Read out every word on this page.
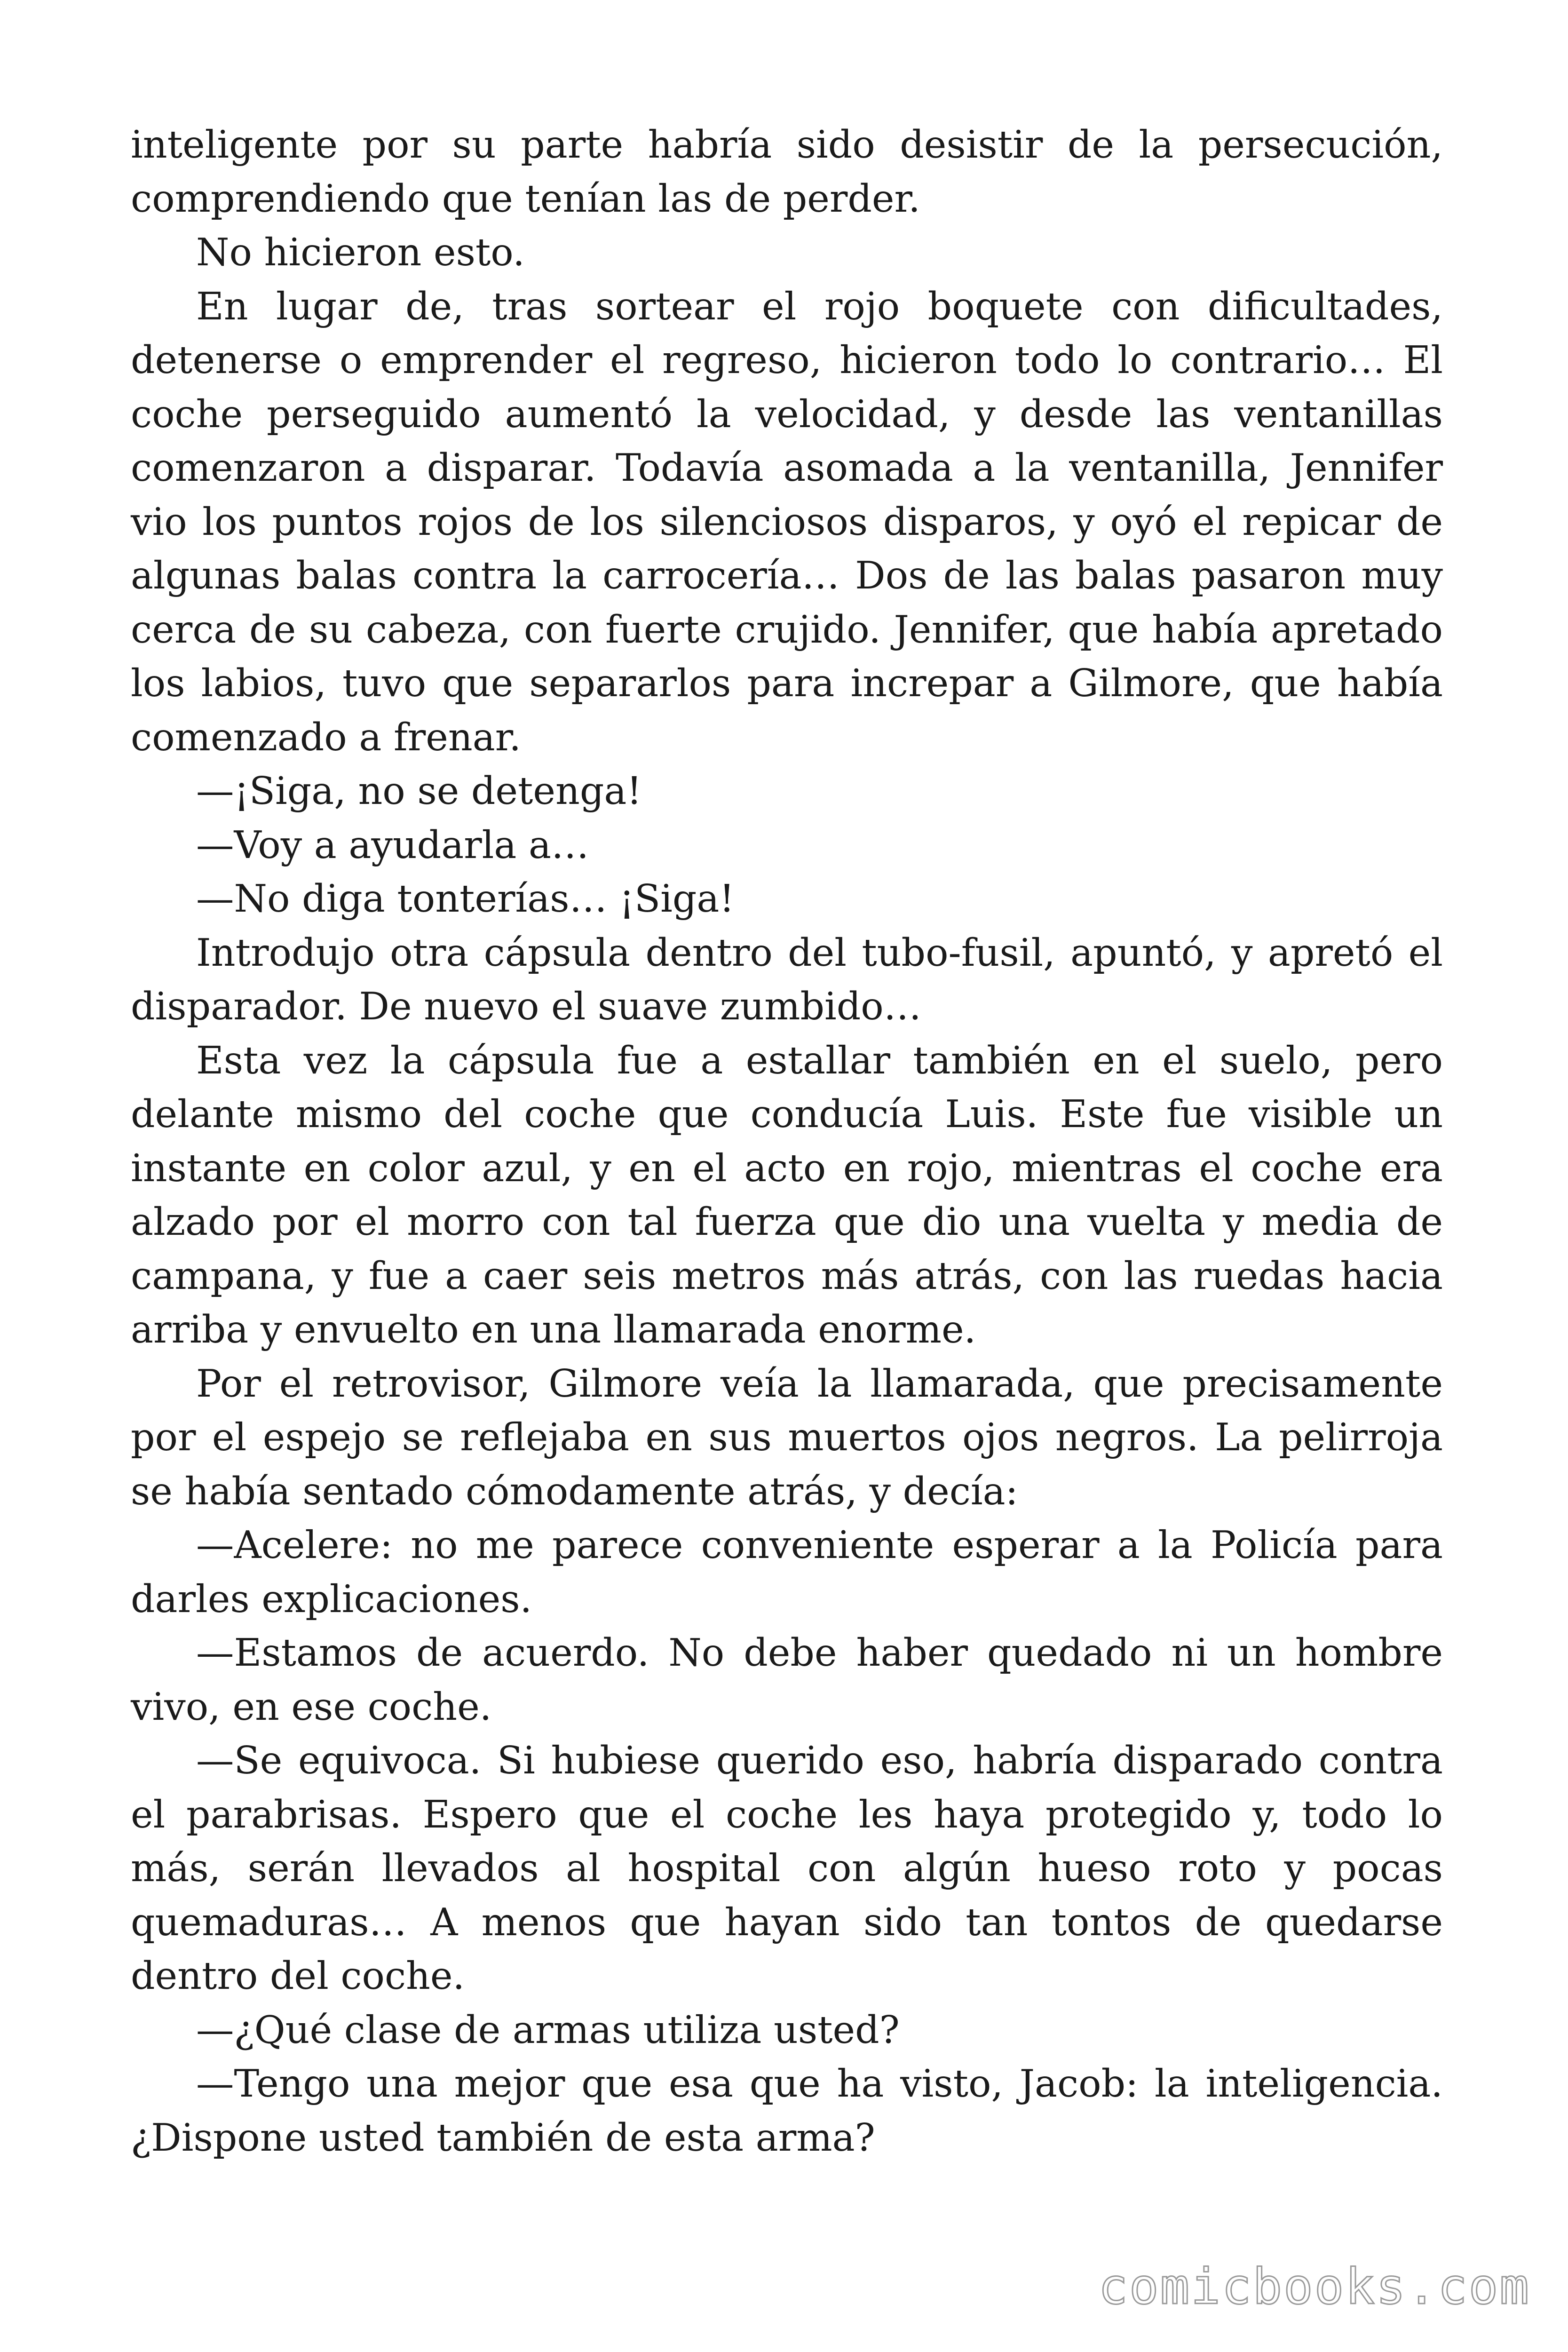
inteligente por su parte habría sido desistir de la persecución, comprendiendo que tenían las de perder.

No hicieron esto.

En lugar de, tras sortear el rojo boquete con dificultades, detenerse o emprender el regreso, hicieron todo lo contrario… El coche perseguido aumentó la velocidad, y desde las ventanillas comenzaron a disparar. Todavía asomada a la ventanilla, Jennifer vio los puntos rojos de los silenciosos disparos, y oyó el repicar de algunas balas contra la carrocería… Dos de las balas pasaron muy cerca de su cabeza, con fuerte crujido. Jennifer, que había apretado los labios, tuvo que separarlos para increpar a Gilmore, que había comenzado a frenar.

—¡Siga, no se detenga!

—Voy a ayudarla a…

—No diga tonterías… ¡Siga!

Introdujo otra cápsula dentro del tubo-fusil, apuntó, y apretó el disparador. De nuevo el suave zumbido…

Esta vez la cápsula fue a estallar también en el suelo, pero delante mismo del coche que conducía Luis. Este fue visible un instante en color azul, y en el acto en rojo, mientras el coche era alzado por el morro con tal fuerza que dio una vuelta y media de campana, y fue a caer seis metros más atrás, con las ruedas hacia arriba y envuelto en una llamarada enorme.

Por el retrovisor, Gilmore veía la llamarada, que precisamente por el espejo se reflejaba en sus muertos ojos negros. La pelirroja se había sentado cómodamente atrás, y decía:

—Acelere: no me parece conveniente esperar a la Policía para darles explicaciones.

—Estamos de acuerdo. No debe haber quedado ni un hombre vivo, en ese coche.

—Se equivoca. Si hubiese querido eso, habría disparado contra el parabrisas. Espero que el coche les haya protegido y, todo lo más, serán llevados al hospital con algún hueso roto y pocas quemaduras… A menos que hayan sido tan tontos de quedarse dentro del coche.

—¿Qué clase de armas utiliza usted?

—Tengo una mejor que esa que ha visto, Jacob: la inteligencia. ¿Dispone usted también de esta arma?

comicbooks.com
